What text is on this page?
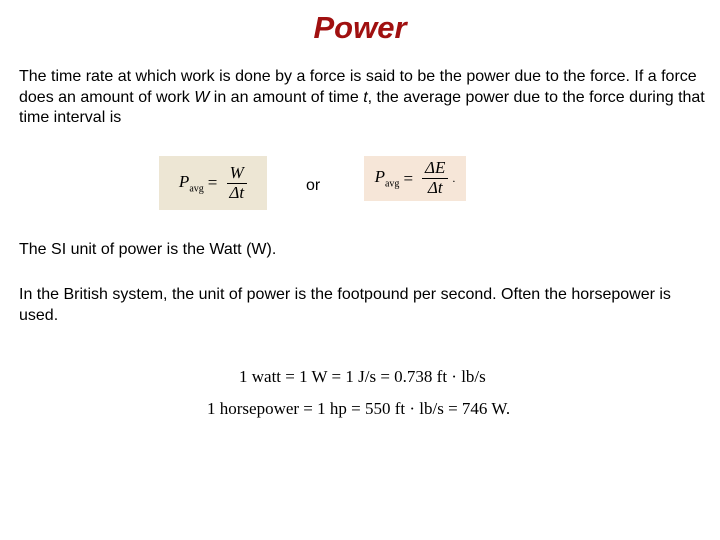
Power

The time rate at which work is done by a force is said to be the power due to the force. If a force does an amount of work W in an amount of time t, the average power due to the force during that time interval is

$P_{avg} = \frac{W}{\Delta t}$	or	$P_{avg} = \frac{\Delta E}{\Delta t}$ .

The SI unit of power is the Watt (W).

In the British system, the unit of power is the footpound per second. Often the horsepower is used.

1 watt = 1 W = 1 J/s = 0.738 ft · lb/s
1 horsepower = 1 hp = 550 ft · lb/s = 746 W.
